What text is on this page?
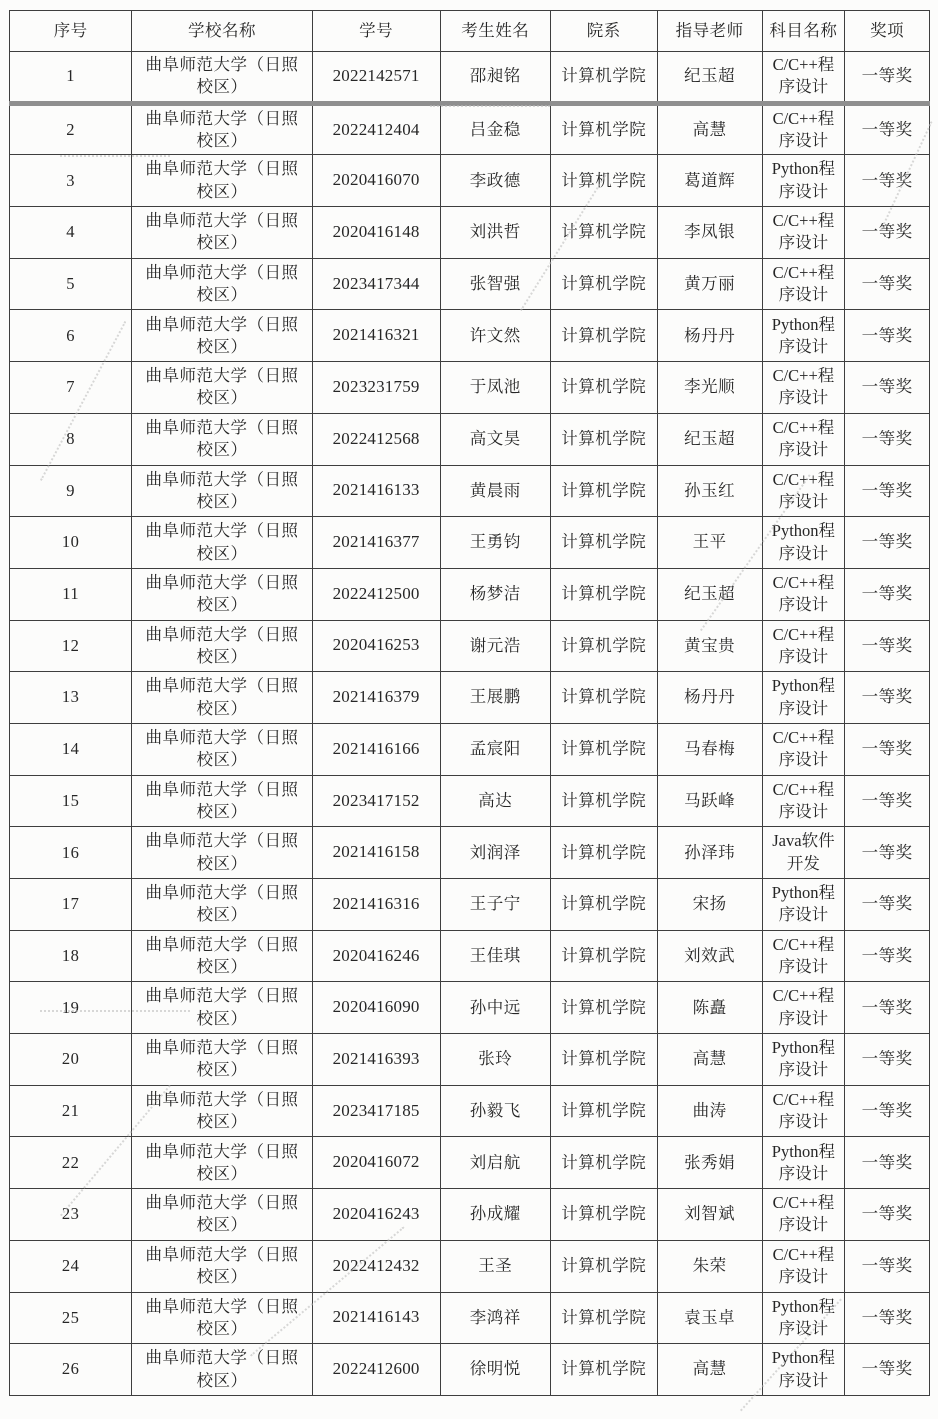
序号	学校名称	学号	考生姓名	院系	指导老师	科目名称	奖项
1	曲阜师范大学（日照校区）	2022142571	邵昶铭	计算机学院	纪玉超	C/C++程序设计	一等奖
2	曲阜师范大学（日照校区）	2022412404	吕金稳	计算机学院	高慧	C/C++程序设计	一等奖
3	曲阜师范大学（日照校区）	2020416070	李政德	计算机学院	葛道辉	Python程序设计	一等奖
4	曲阜师范大学（日照校区）	2020416148	刘洪哲	计算机学院	李凤银	C/C++程序设计	一等奖
5	曲阜师范大学（日照校区）	2023417344	张智强	计算机学院	黄万丽	C/C++程序设计	一等奖
6	曲阜师范大学（日照校区）	2021416321	许文然	计算机学院	杨丹丹	Python程序设计	一等奖
7	曲阜师范大学（日照校区）	2023231759	于凤池	计算机学院	李光顺	C/C++程序设计	一等奖
8	曲阜师范大学（日照校区）	2022412568	高文昊	计算机学院	纪玉超	C/C++程序设计	一等奖
9	曲阜师范大学（日照校区）	2021416133	黄晨雨	计算机学院	孙玉红	C/C++程序设计	一等奖
10	曲阜师范大学（日照校区）	2021416377	王勇钧	计算机学院	王平	Python程序设计	一等奖
11	曲阜师范大学（日照校区）	2022412500	杨梦洁	计算机学院	纪玉超	C/C++程序设计	一等奖
12	曲阜师范大学（日照校区）	2020416253	谢元浩	计算机学院	黄宝贵	C/C++程序设计	一等奖
13	曲阜师范大学（日照校区）	2021416379	王展鹏	计算机学院	杨丹丹	Python程序设计	一等奖
14	曲阜师范大学（日照校区）	2021416166	孟宸阳	计算机学院	马春梅	C/C++程序设计	一等奖
15	曲阜师范大学（日照校区）	2023417152	高达	计算机学院	马跃峰	C/C++程序设计	一等奖
16	曲阜师范大学（日照校区）	2021416158	刘润泽	计算机学院	孙泽玮	Java软件开发	一等奖
17	曲阜师范大学（日照校区）	2021416316	王子宁	计算机学院	宋扬	Python程序设计	一等奖
18	曲阜师范大学（日照校区）	2020416246	王佳琪	计算机学院	刘效武	C/C++程序设计	一等奖
19	曲阜师范大学（日照校区）	2020416090	孙中远	计算机学院	陈矗	C/C++程序设计	一等奖
20	曲阜师范大学（日照校区）	2021416393	张玲	计算机学院	高慧	Python程序设计	一等奖
21	曲阜师范大学（日照校区）	2023417185	孙毅飞	计算机学院	曲涛	C/C++程序设计	一等奖
22	曲阜师范大学（日照校区）	2020416072	刘启航	计算机学院	张秀娟	Python程序设计	一等奖
23	曲阜师范大学（日照校区）	2020416243	孙成耀	计算机学院	刘智斌	C/C++程序设计	一等奖
24	曲阜师范大学（日照校区）	2022412432	王圣	计算机学院	朱荣	C/C++程序设计	一等奖
25	曲阜师范大学（日照校区）	2021416143	李鸿祥	计算机学院	袁玉卓	Python程序设计	一等奖
26	曲阜师范大学（日照校区）	2022412600	徐明悦	计算机学院	高慧	Python程序设计	一等奖
